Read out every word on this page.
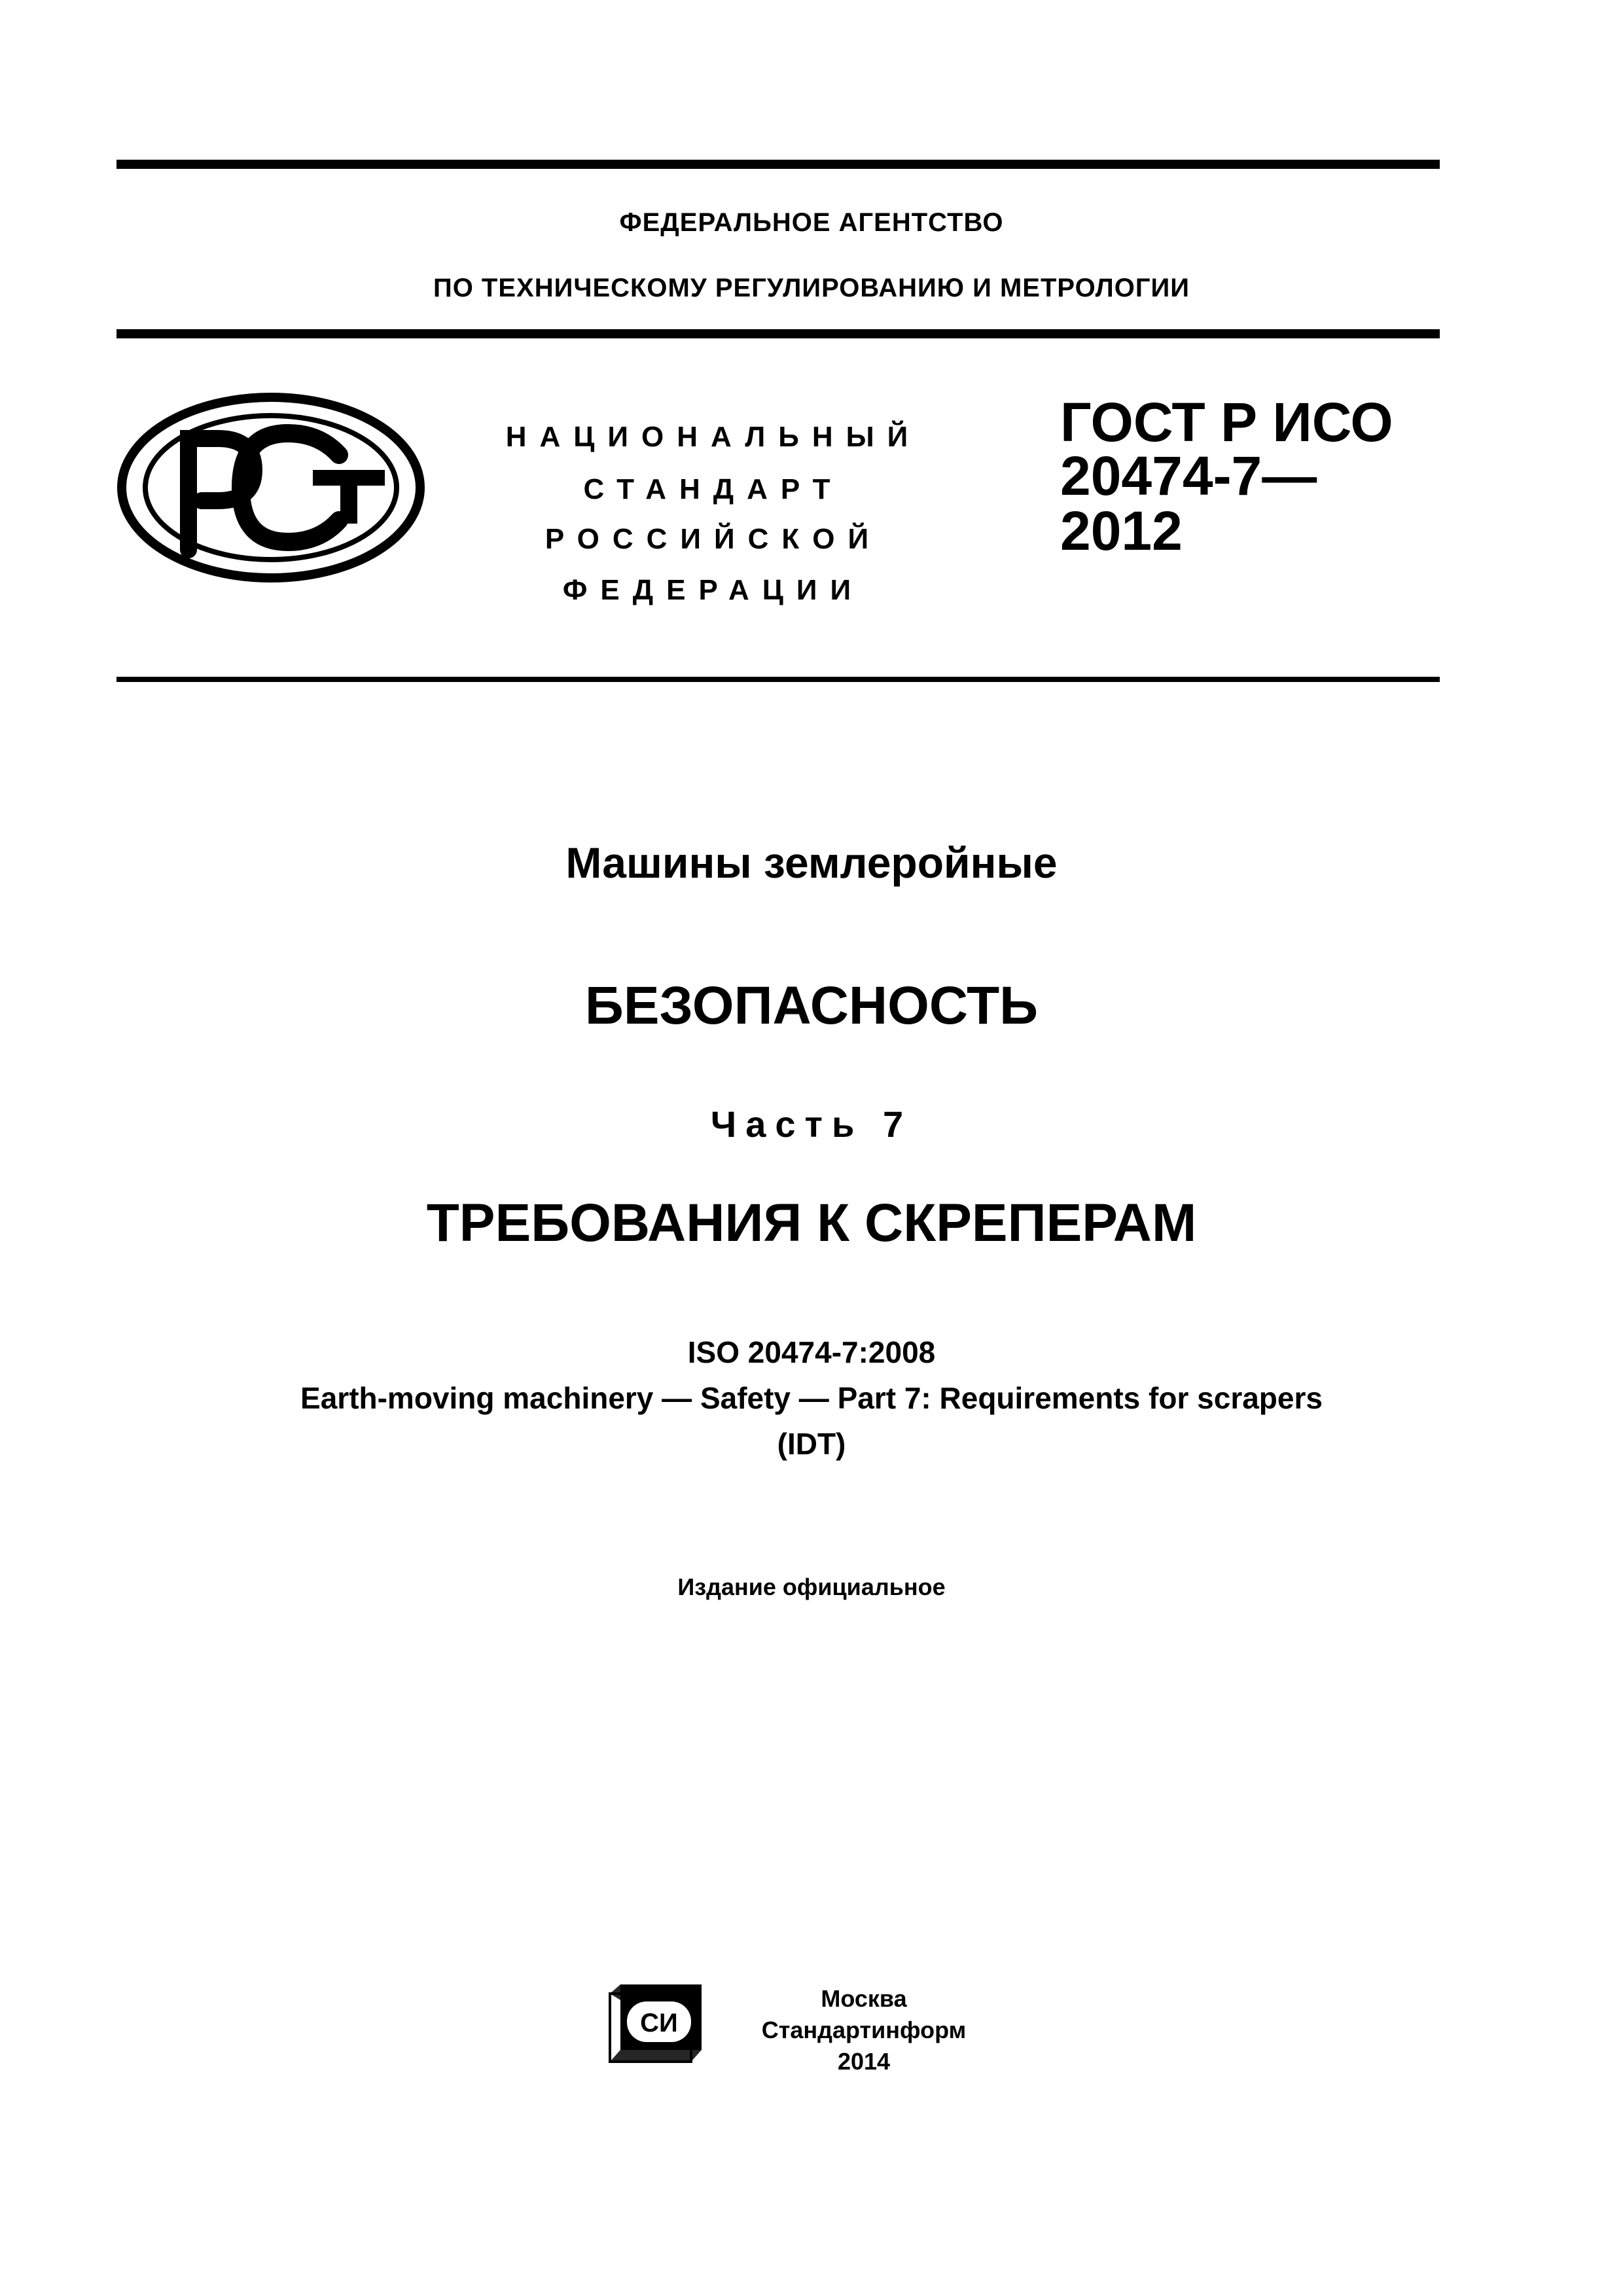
ФЕДЕРАЛЬНОЕ АГЕНТСТВО
ПО ТЕХНИЧЕСКОМУ РЕГУЛИРОВАНИЮ И МЕТРОЛОГИИ
НАЦИОНАЛЬНЫЙ
СТАНДАРТ
РОССИЙСКОЙ
ФЕДЕРАЦИИ
ГОСТ Р ИСО
20474-7—
2012
Машины землеройные
БЕЗОПАСНОСТЬ
Часть 7
ТРЕБОВАНИЯ К СКРЕПЕРАМ
ISO 20474-7:2008
Earth-moving machinery — Safety — Part 7: Requirements for scrapers
(IDT)
Издание официальное
СИ
Москва
Стандартинформ
2014
